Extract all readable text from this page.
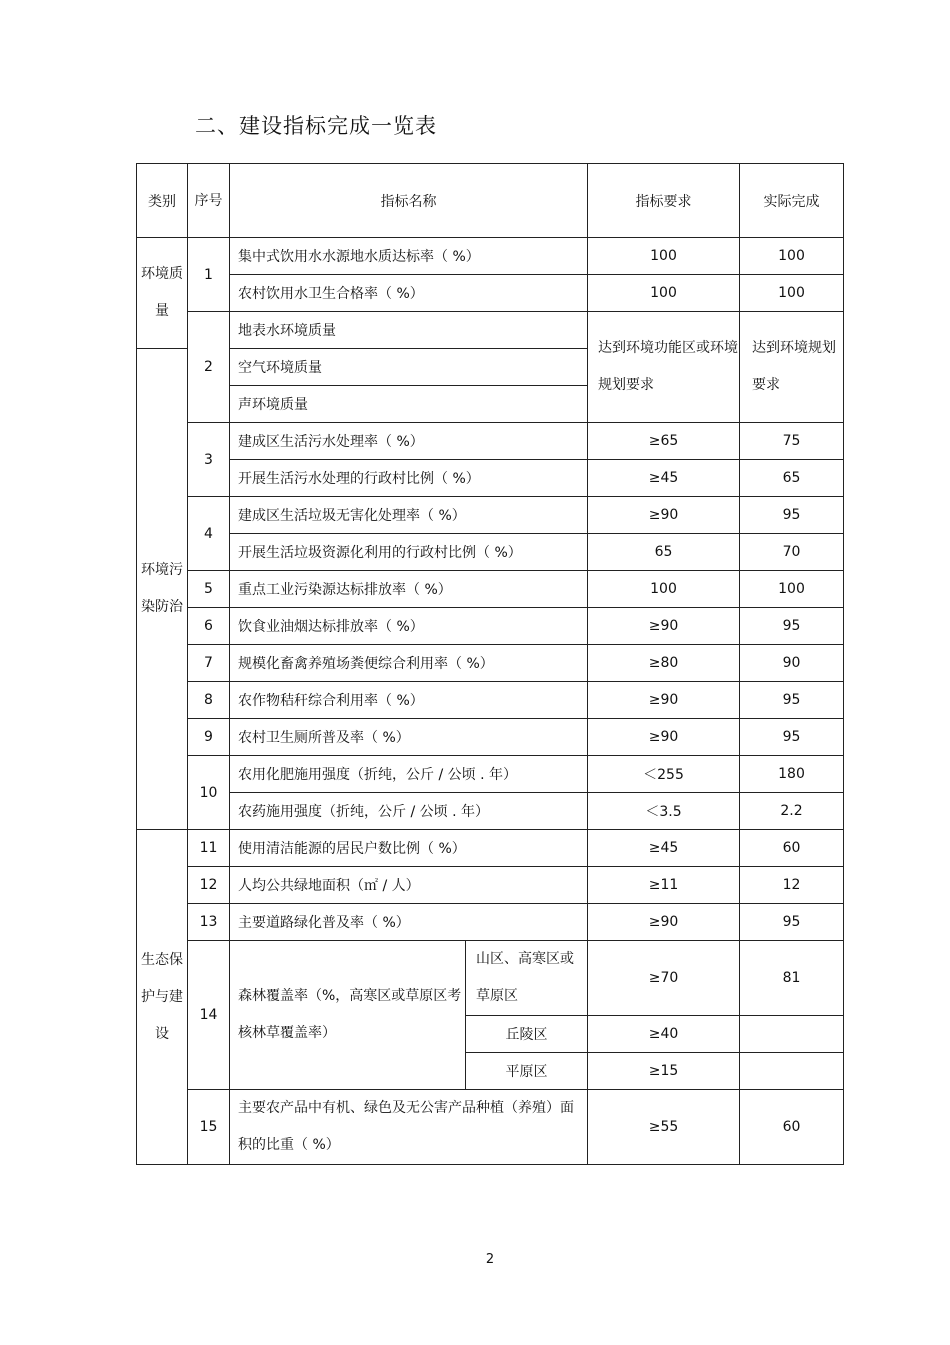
二、建设指标完成一览表
类别	序号	指标名称		指标要求	实际完成
环境质量	1	集中式饮用水水源地水质达标率（ %）		100	100
		农村饮用水卫生合格率（ %）		100	100
	2	地表水环境质量		达到环境功能区或环境规划要求	达到环境规划要求
环境污染防治		空气环境质量			
		声环境质量			
	3	建成区生活污水处理率（ %）		≥65	75
		开展生活污水处理的行政村比例（ %）		≥45	65
	4	建成区生活垃圾无害化处理率（ %）		≥90	95
		开展生活垃圾资源化利用的行政村比例（ %）		65	70
	5	重点工业污染源达标排放率（ %）		100	100
	6	饮食业油烟达标排放率（ %）		≥90	95
	7	规模化畜禽养殖场粪便综合利用率（ %）		≥80	90
	8	农作物秸秆综合利用率（ %）		≥90	95
	9	农村卫生厕所普及率（ %）		≥90	95
	10	农用化肥施用强度（折纯，公斤 / 公顷 . 年）		＜255	180
		农药施用强度（折纯，公斤 / 公顷 . 年）		＜3.5	2.2
生态保护与建设	11	使用清洁能源的居民户数比例（ %）		≥45	60
	12	人均公共绿地面积（㎡ / 人）		≥11	12
	13	主要道路绿化普及率（ %）		≥90	95
	14	森林覆盖率（%，高寒区或草原区考核林草覆盖率）	山区、高寒区或草原区	≥70	81
			丘陵区	≥40	
			平原区	≥15	
	15	主要农产品中有机、绿色及无公害产品种植（养殖）面积的比重（ %）		≥55	60
2
